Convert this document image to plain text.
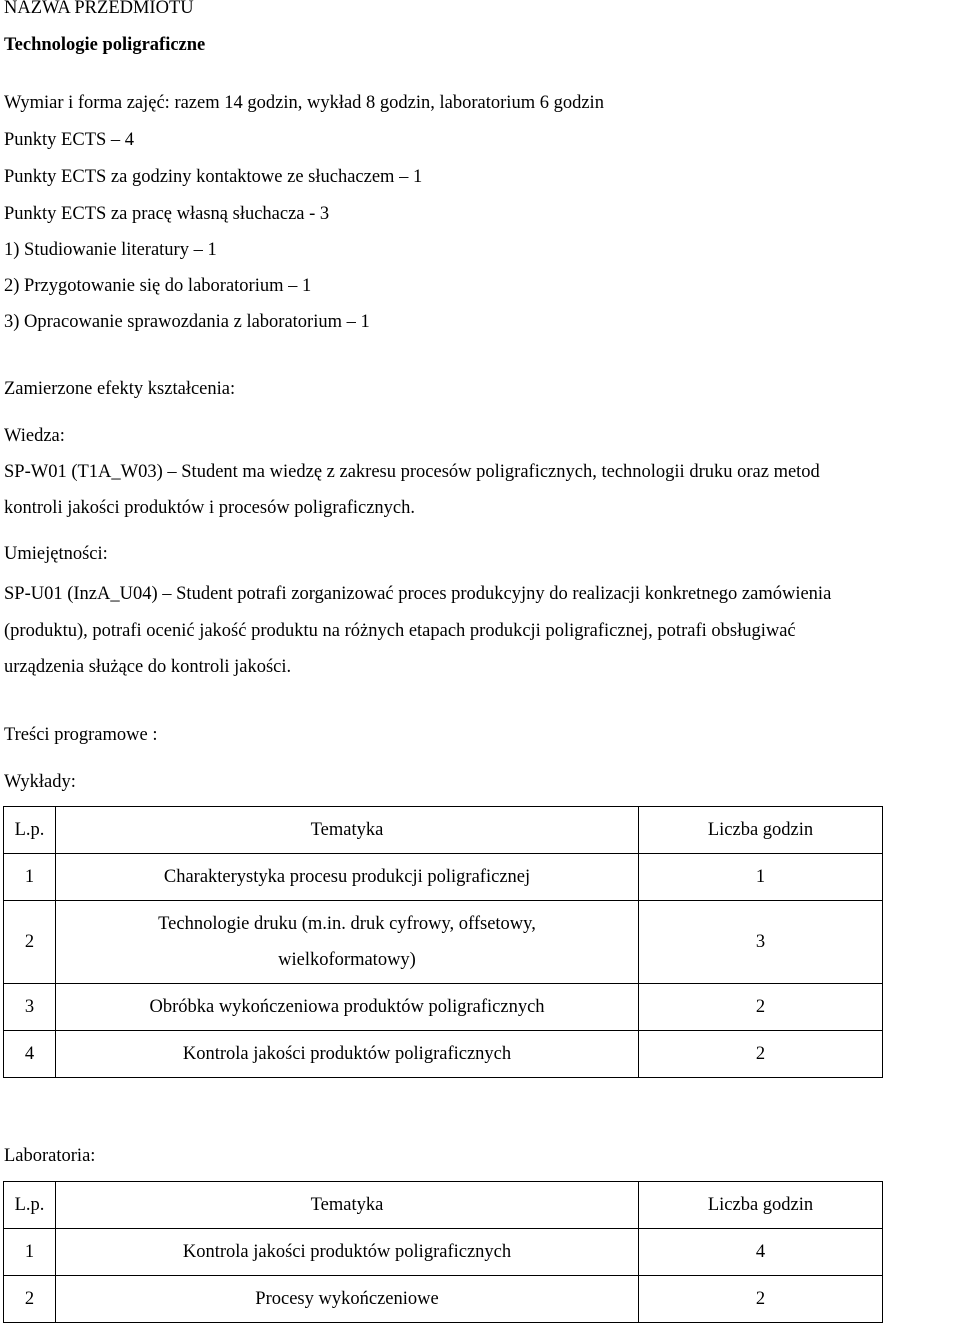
NAZWA PRZEDMIOTU
Technologie poligraficzne
Wymiar i forma zajęć: razem 14 godzin, wykład 8 godzin, laboratorium 6 godzin
Punkty ECTS – 4
Punkty ECTS za godziny kontaktowe ze słuchaczem – 1
Punkty ECTS za pracę własną słuchacza - 3
1) Studiowanie literatury – 1
2) Przygotowanie się do laboratorium – 1
3) Opracowanie sprawozdania z laboratorium – 1
Zamierzone efekty kształcenia:
Wiedza:
SP-W01 (T1A_W03) – Student ma wiedzę z zakresu procesów poligraficznych, technologii druku oraz metod
kontroli jakości produktów i procesów poligraficznych.
Umiejętności:
SP-U01 (InzA_U04) – Student potrafi zorganizować proces produkcyjny do realizacji konkretnego zamówienia
(produktu), potrafi ocenić jakość produktu na różnych etapach produkcji poligraficznej, potrafi obsługiwać
urządzenia służące do kontroli jakości.
Treści programowe :
Wykłady:
L.p.	Tematyka	Liczba godzin
1	Charakterystyka procesu produkcji poligraficznej	1
2	Technologie druku (m.in. druk cyfrowy, offsetowy,
wielkoformatowy)	3
3	Obróbka wykończeniowa produktów poligraficznych	2
4	Kontrola jakości produktów poligraficznych	2
Laboratoria:
L.p.	Tematyka	Liczba godzin
1	Kontrola jakości produktów poligraficznych	4
2	Procesy wykończeniowe	2
